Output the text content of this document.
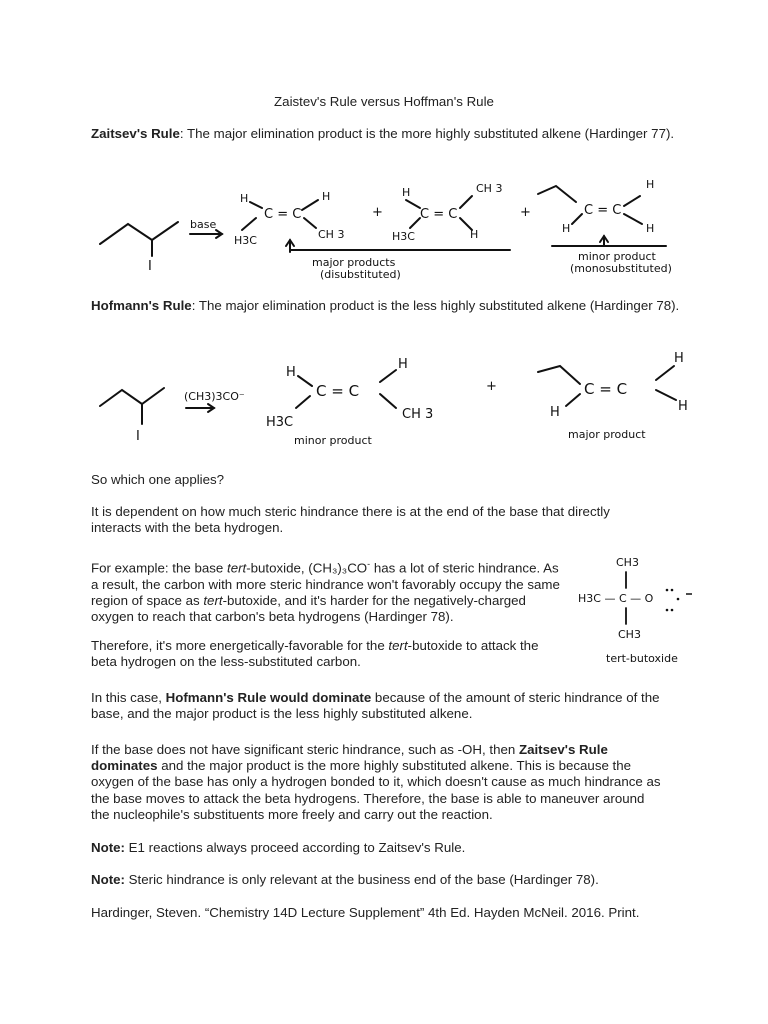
Zaistev's Rule versus Hoffman's Rule
Zaitsev's Rule: The major elimination product is the more highly substituted alkene (Hardinger 77).
I
base
H	H
C = C
H3C	CH 3
+
H	CH 3
C = C
H3C	H
+	C = C
H
H	H
major products
(disubstituted)
minor product
(monosubstituted)
Hofmann's Rule: The major elimination product is the less highly substituted alkene (Hardinger 78).
I
(CH3)3CO⁻
H
H
C = C
H3C
CH 3
minor product
+	C = C
H
H	H
major product
So which one applies?
It is dependent on how much steric hindrance there is at the end of the base that directly interacts with the beta hydrogen.
For example: the base tert-butoxide, (CH₃)₃CO- has a lot of steric hindrance. As a result, the carbon with more steric hindrance won't favorably occupy the same region of space as tert-butoxide, and it's harder for the negatively-charged oxygen to reach that carbon's beta hydrogens (Hardinger 78).
Therefore, it's more energetically-favorable for the tert-butoxide to attack the beta hydrogen on the less-substituted carbon.
CH3
H3C — C — O
CH3
tert-butoxide
In this case, Hofmann's Rule would dominate because of the amount of steric hindrance of the base, and the major product is the less highly substituted alkene.
If the base does not have significant steric hindrance, such as -OH, then Zaitsev's Rule dominates and the major product is the more highly substituted alkene. This is because the oxygen of the base has only a hydrogen bonded to it, which doesn't cause as much hindrance as the base moves to attack the beta hydrogens. Therefore, the base is able to maneuver around the nucleophile's substituents more freely and carry out the reaction.
Note: E1 reactions always proceed according to Zaitsev's Rule.
Note: Steric hindrance is only relevant at the business end of the base (Hardinger 78).
Hardinger, Steven. “Chemistry 14D Lecture Supplement” 4th Ed. Hayden McNeil. 2016. Print.
